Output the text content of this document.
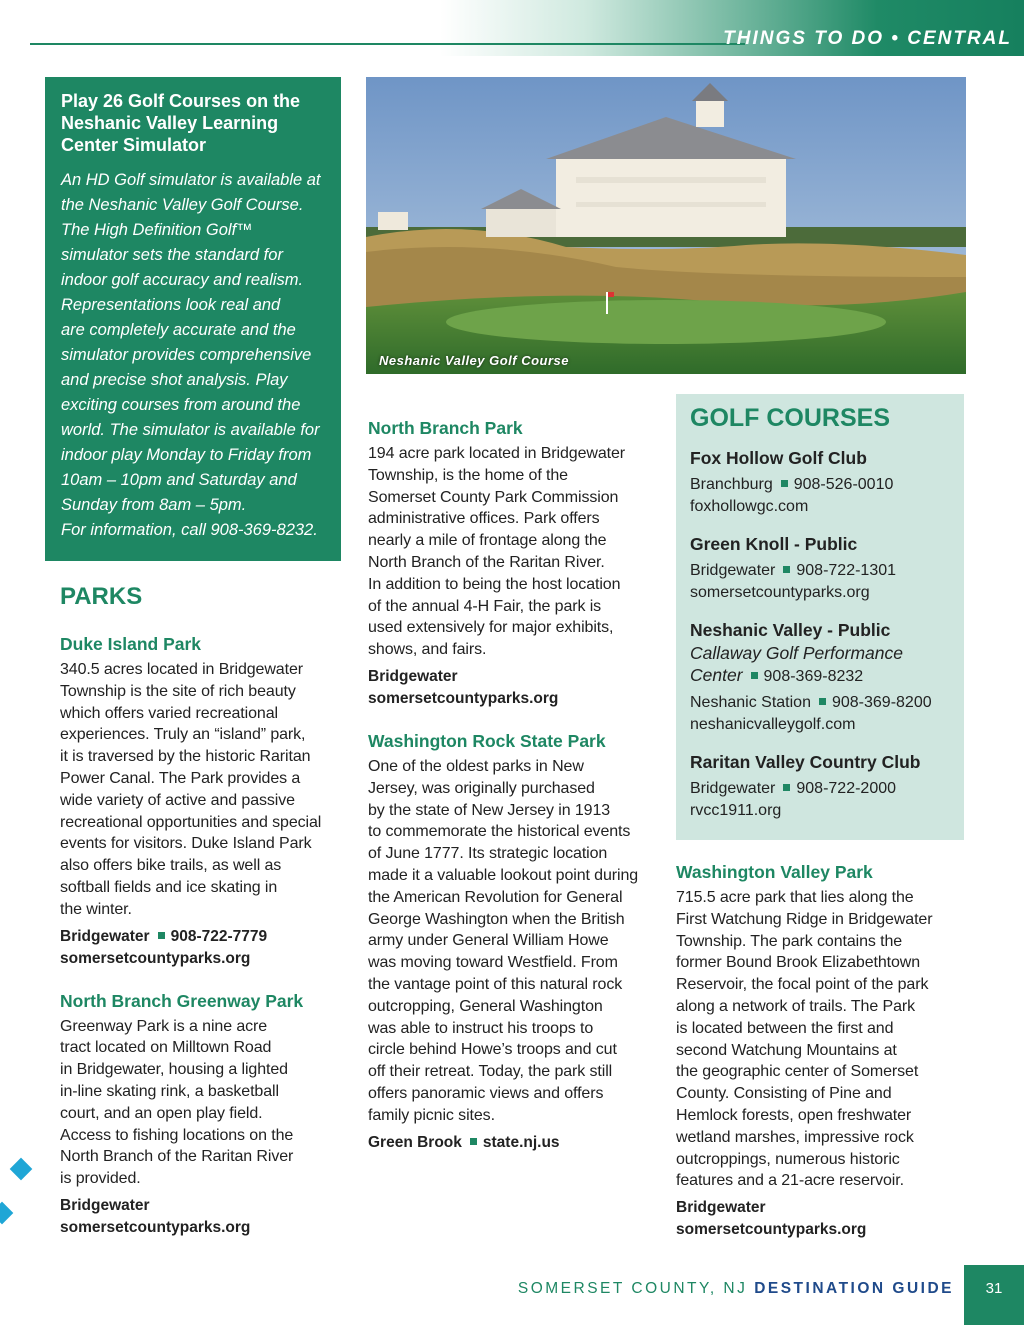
THINGS TO DO • CENTRAL
Play 26 Golf Courses on the Neshanic Valley Learning Center Simulator

An HD Golf simulator is available at
the Neshanic Valley Golf Course.
The High Definition Golf™
simulator sets the standard for
indoor golf accuracy and realism.
Representations look real and
are completely accurate and the
simulator provides comprehensive
and precise shot analysis. Play
exciting courses from around the
world. The simulator is available for
indoor play Monday to Friday from
10am – 10pm and Saturday and
Sunday from 8am – 5pm.
For information, call 908-369-8232.

Neshanic Valley Golf Course
PARKS
Duke Island Park
340.5 acres located in Bridgewater
Township is the site of rich beauty
which offers varied recreational
experiences. Truly an “island” park,
it is traversed by the historic Raritan
Power Canal. The Park provides a
wide variety of active and passive
recreational opportunities and special
events for visitors. Duke Island Park
also offers bike trails, as well as
softball fields and ice skating in
the winter.
Bridgewater 908-722-7779
somersetcountyparks.org
North Branch Greenway Park
Greenway Park is a nine acre
tract located on Milltown Road
in Bridgewater, housing a lighted
in-line skating rink, a basketball
court, and an open play field.
Access to fishing locations on the
North Branch of the Raritan River
is provided.
Bridgewater
somersetcountyparks.org
North Branch Park
194 acre park located in Bridgewater
Township, is the home of the
Somerset County Park Commission
administrative offices. Park offers
nearly a mile of frontage along the
North Branch of the Raritan River.
In addition to being the host location
of the annual 4-H Fair, the park is
used extensively for major exhibits,
shows, and fairs.
Bridgewater
somersetcountyparks.org
Washington Rock State Park
One of the oldest parks in New
Jersey, was originally purchased
by the state of New Jersey in 1913
to commemorate the historical events
of June 1777. Its strategic location
made it a valuable lookout point during
the American Revolution for General
George Washington when the British
army under General William Howe
was moving toward Westfield. From
the vantage point of this natural rock
outcropping, General Washington
was able to instruct his troops to
circle behind Howe’s troops and cut
off their retreat. Today, the park still
offers panoramic views and offers
family picnic sites.
Green Brook state.nj.us
GOLF COURSES
Fox Hollow Golf Club
Branchburg 908-526-0010
foxhollowgc.com
Green Knoll - Public
Bridgewater 908-722-1301
somersetcountyparks.org
Neshanic Valley - Public
Callaway Golf Performance
Center 908-369-8232
Neshanic Station 908-369-8200
neshanicvalleygolf.com
Raritan Valley Country Club
Bridgewater 908-722-2000
rvcc1911.org
Washington Valley Park
715.5 acre park that lies along the
First Watchung Ridge in Bridgewater
Township. The park contains the
former Bound Brook Elizabethtown
Reservoir, the focal point of the park
along a network of trails. The Park
is located between the first and
second Watchung Mountains at
the geographic center of Somerset
County. Consisting of Pine and
Hemlock forests, open freshwater
wetland marshes, impressive rock
outcroppings, numerous historic
features and a 21-acre reservoir.
Bridgewater
somersetcountyparks.org
SOMERSET COUNTY, NJ DESTINATION GUIDE	31
